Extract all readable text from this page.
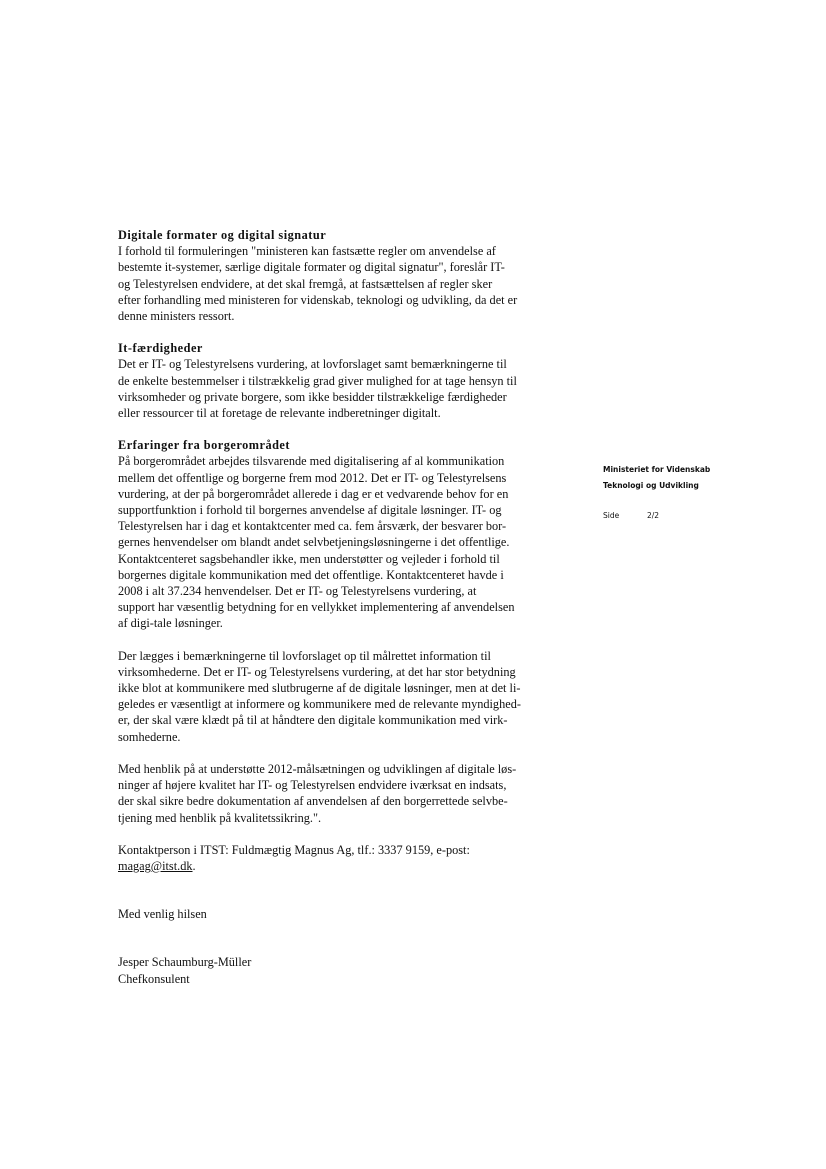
Digitale formater og digital signatur
I forhold til formuleringen "ministeren kan fastsætte regler om anvendelse af
bestemte it-systemer, særlige digitale formater og digital signatur", foreslår IT-
og Telestyrelsen endvidere, at det skal fremgå, at fastsættelsen af regler sker
efter forhandling med ministeren for videnskab, teknologi og udvikling, da det er
denne ministers ressort.
It-færdigheder
Det er IT- og Telestyrelsens vurdering, at lovforslaget samt bemærkningerne til
de enkelte bestemmelser i tilstrækkelig grad giver mulighed for at tage hensyn til
virksomheder og private borgere, som ikke besidder tilstrækkelige færdigheder
eller ressourcer til at foretage de relevante indberetninger digitalt.
Erfaringer fra borgerområdet
På borgerområdet arbejdes tilsvarende med digitalisering af al kommunikation
mellem det offentlige og borgerne frem mod 2012. Det er IT- og Telestyrelsens
vurdering, at der på borgerområdet allerede i dag er et vedvarende behov for en
supportfunktion i forhold til borgernes anvendelse af digitale løsninger. IT- og
Telestyrelsen har i dag et kontaktcenter med ca. fem årsværk, der besvarer bor-
gernes henvendelser om blandt andet selvbetjeningsløsningerne i det offentlige.
Kontaktcenteret sagsbehandler ikke, men understøtter og vejleder i forhold til
borgernes digitale kommunikation med det offentlige. Kontaktcenteret havde i
2008 i alt 37.234 henvendelser. Det er IT- og Telestyrelsens vurdering, at
support har væsentlig betydning for en vellykket implementering af anvendelsen
af digi-tale løsninger.
Der lægges i bemærkningerne til lovforslaget op til målrettet information til
virksomhederne. Det er IT- og Telestyrelsens vurdering, at det har stor betydning
ikke blot at kommunikere med slutbrugerne af de digitale løsninger, men at det li-
geledes er væsentligt at informere og kommunikere med de relevante myndighed-
er, der skal være klædt på til at håndtere den digitale kommunikation med virk-
somhederne.
Med henblik på at understøtte 2012-målsætningen og udviklingen af digitale løs-
ninger af højere kvalitet har IT- og Telestyrelsen endvidere iværksat en indsats,
der skal sikre bedre dokumentation af anvendelsen af den borgerrettede selvbe-
tjening med henblik på kvalitetssikring.".
Kontaktperson i ITST: Fuldmægtig Magnus Ag, tlf.: 3337 9159, e-post:
magag@itst.dk.
Med venlig hilsen
Jesper Schaumburg-Müller
Chefkonsulent
Ministeriet for Videnskab
Teknologi og Udvikling
Side	2/2
